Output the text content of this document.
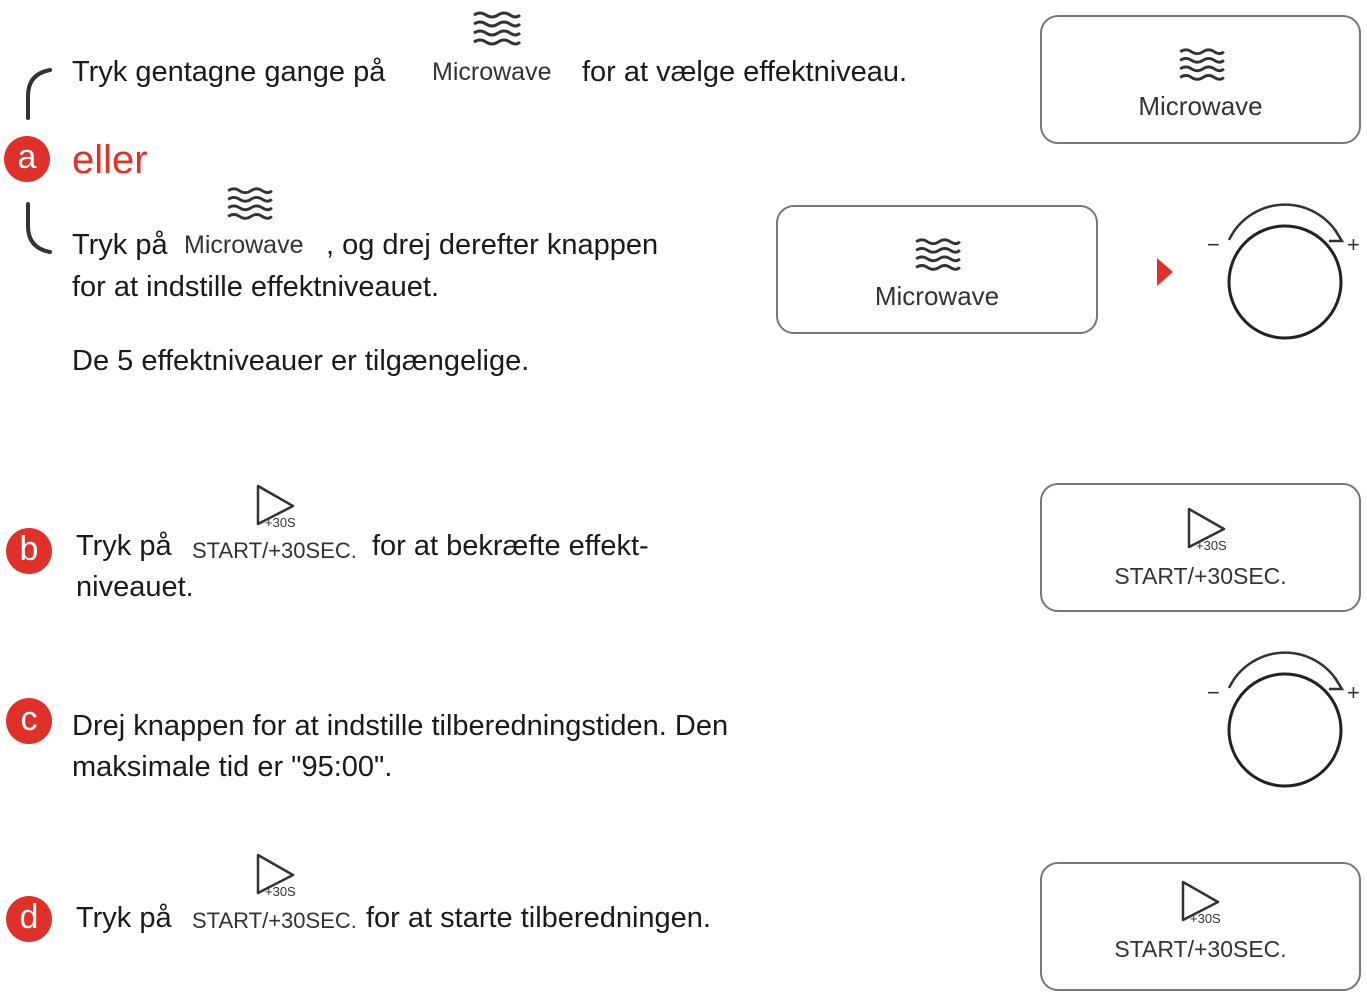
a
Tryk gentagne gange på Microwave for at vælge effektniveau.
eller
Tryk på Microwave , og drej derefter knappen
for at indstille effektniveauet.
De 5 effektniveauer er tilgængelige.
Microwave
Microwave
−	+
b
+30S
Tryk på START/+30SEC. for at bekræfte effekt-
niveauet.
+30S
START/+30SEC.
c	Drej knappen for at indstille tilberedningstiden. Den
maksimale tid er "95:00".
−	+
d
+30S
Tryk på START/+30SEC. for at starte tilberedningen.	+30S
START/+30SEC.
